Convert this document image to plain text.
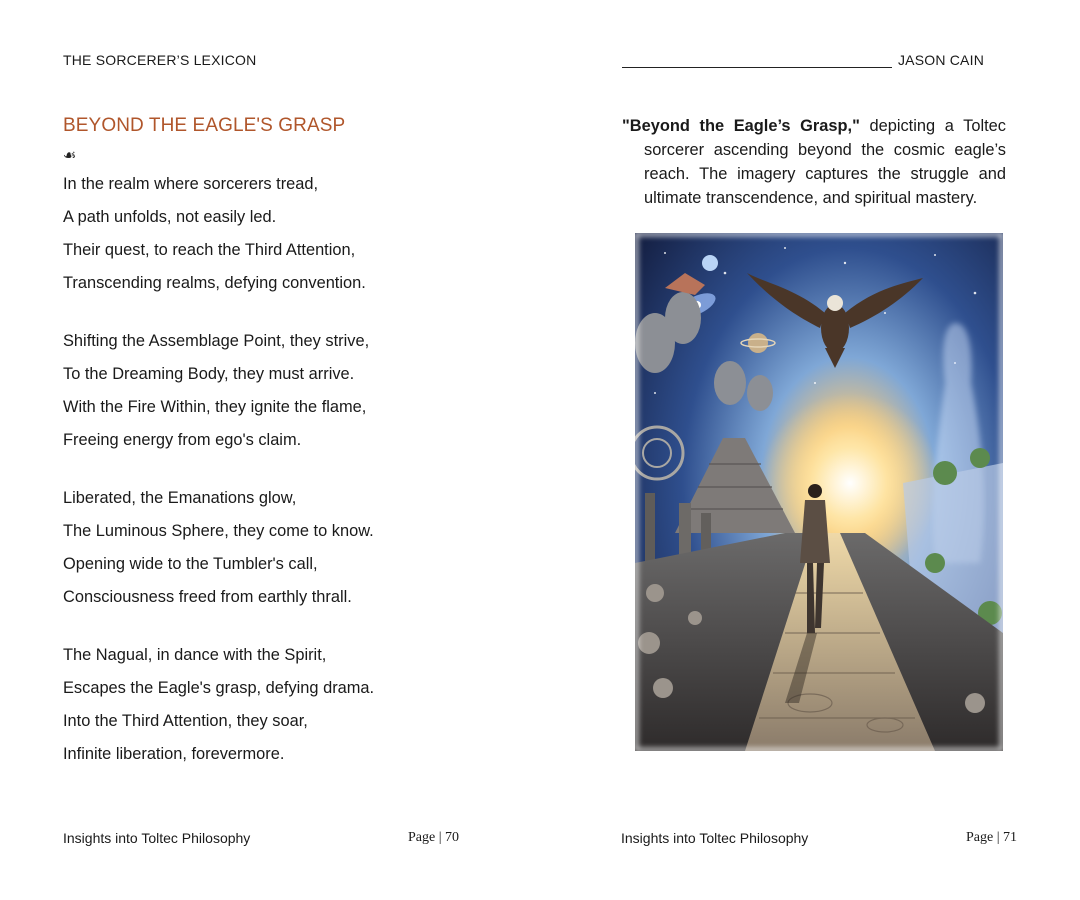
THE SORCERER’S LEXICON
BEYOND THE EAGLE'S GRASP
☙
In the realm where sorcerers tread,
A path unfolds, not easily led.
Their quest, to reach the Third Attention,
Transcending realms, defying convention.
Shifting the Assemblage Point, they strive,
To the Dreaming Body, they must arrive.
With the Fire Within, they ignite the flame,
Freeing energy from ego's claim.
Liberated, the Emanations glow,
The Luminous Sphere, they come to know.
Opening wide to the Tumbler's call,
Consciousness freed from earthly thrall.
The Nagual, in dance with the Spirit,
Escapes the Eagle's grasp, defying drama.
Into the Third Attention, they soar,
Infinite liberation, forevermore.
Insights into Toltec Philosophy	Page | 70
JASON CAIN
"Beyond the Eagle’s Grasp," depicting a Toltec sorcerer ascending beyond the cosmic eagle’s reach. The imagery captures the struggle and ultimate transcendence, and spiritual mastery.
Insights into Toltec Philosophy	Page | 71
